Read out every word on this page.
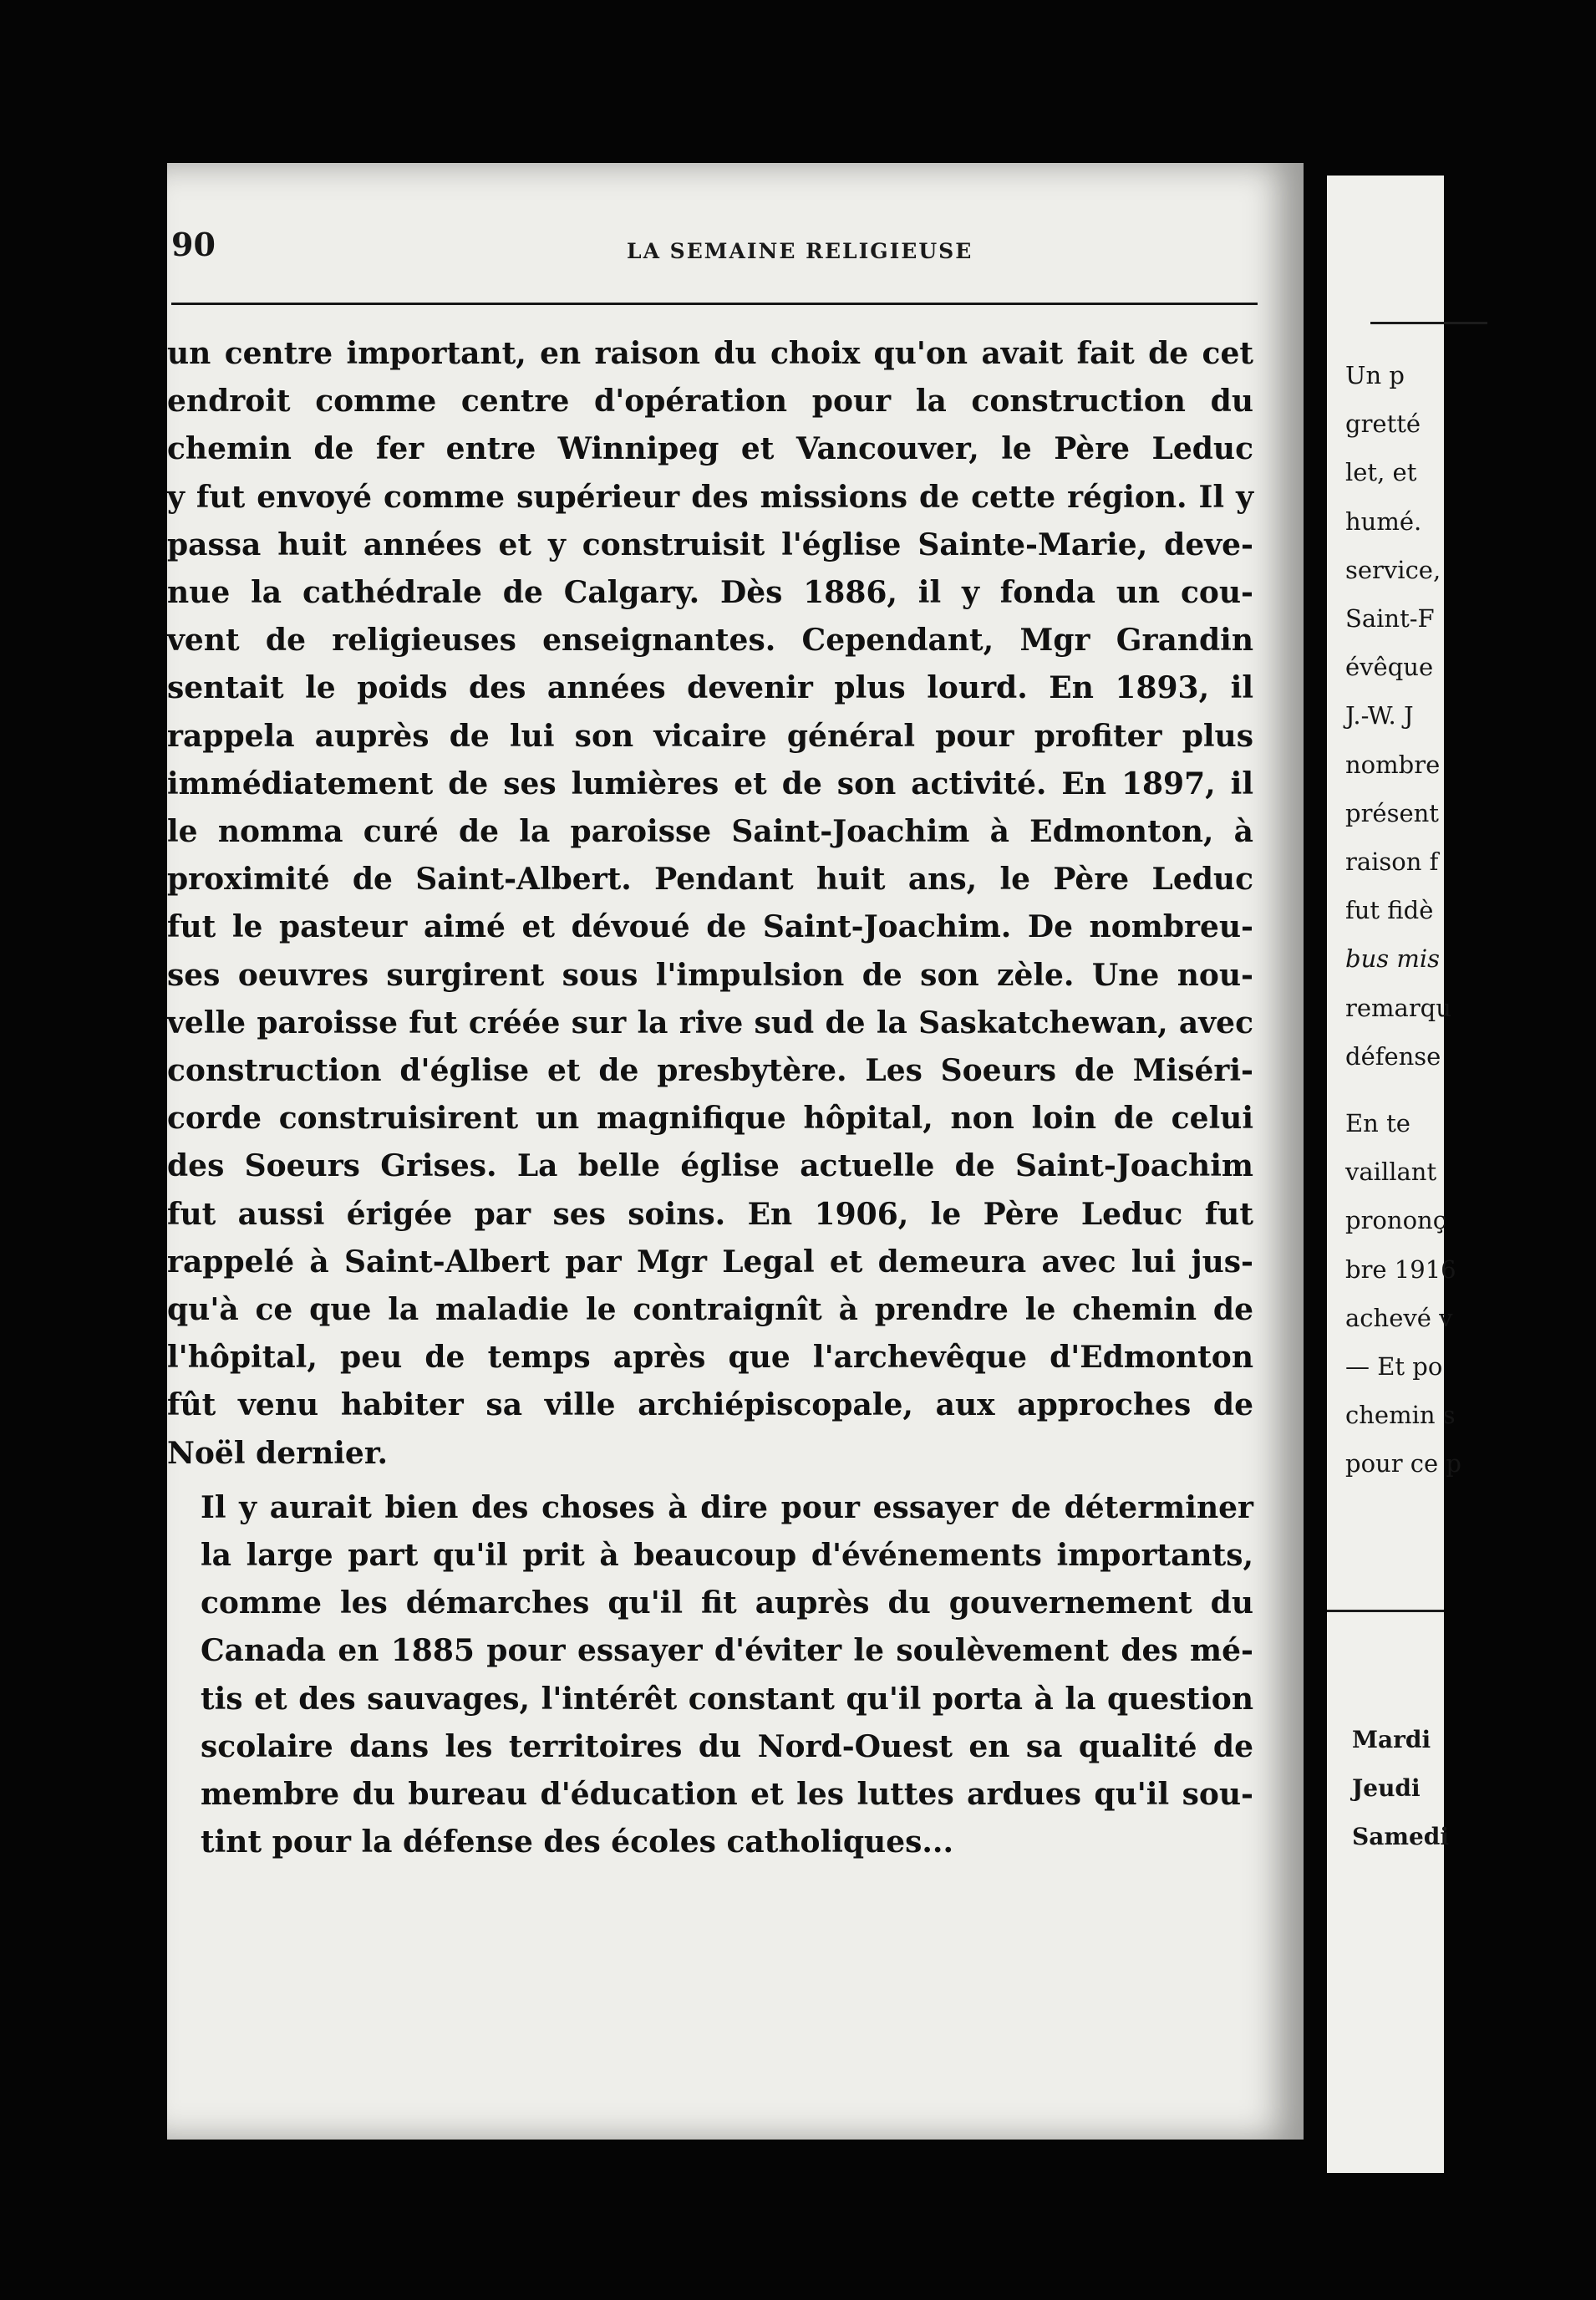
90	LA SEMAINE RELIGIEUSE

un centre important, en raison du choix qu'on avait fait de cet
endroit comme centre d'opération pour la construction du
chemin de fer entre Winnipeg et Vancouver, le Père Leduc
y fut envoyé comme supérieur des missions de cette région. Il y
passa huit années et y construisit l'église Sainte-Marie, deve-
nue la cathédrale de Calgary. Dès 1886, il y fonda un cou-
vent de religieuses enseignantes. Cependant, Mgr Grandin
sentait le poids des années devenir plus lourd. En 1893, il
rappela auprès de lui son vicaire général pour profiter plus
immédiatement de ses lumières et de son activité. En 1897, il
le nomma curé de la paroisse Saint-Joachim à Edmonton, à
proximité de Saint-Albert. Pendant huit ans, le Père Leduc
fut le pasteur aimé et dévoué de Saint-Joachim. De nombreu-
ses oeuvres surgirent sous l'impulsion de son zèle. Une nou-
velle paroisse fut créée sur la rive sud de la Saskatchewan, avec
construction d'église et de presbytère. Les Soeurs de Miséri-
corde construisirent un magnifique hôpital, non loin de celui
des Soeurs Grises. La belle église actuelle de Saint-Joachim
fut aussi érigée par ses soins. En 1906, le Père Leduc fut
rappelé à Saint-Albert par Mgr Legal et demeura avec lui jus-
qu'à ce que la maladie le contraignît à prendre le chemin de
l'hôpital, peu de temps après que l'archevêque d'Edmonton
fût venu habiter sa ville archiépiscopale, aux approches de
Noël dernier.

Il y aurait bien des choses à dire pour essayer de déterminer
la large part qu'il prit à beaucoup d'événements importants,
comme les démarches qu'il fit auprès du gouvernement du
Canada en 1885 pour essayer d'éviter le soulèvement des mé-
tis et des sauvages, l'intérêt constant qu'il porta à la question
scolaire dans les territoires du Nord-Ouest en sa qualité de
membre du bureau d'éducation et les luttes ardues qu'il sou-
tint pour la défense des écoles catholiques...

Un p
gretté
let, et
humé.
service,
Saint-F
évêque
J.-W. J
nombre
présent
raison f
fut fidè
bus mis
remarqu
défense
En te
vaillant
prononç
bre 1916
achevé v
— Et po
chemin s
pour ce p
Mardi
Jeudi
Samedi
